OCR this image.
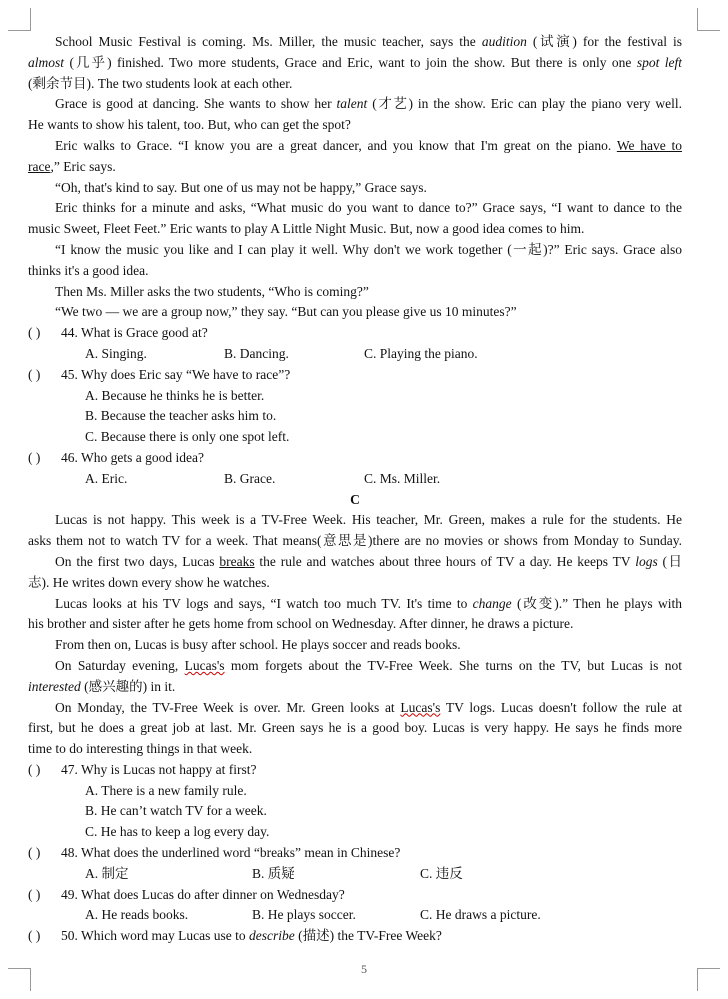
School Music Festival is coming. Ms. Miller, the music teacher, says the audition (试演) for the festival is
almost (几乎) finished. Two more students, Grace and Eric, want to join the show. But there is only one spot left
(剩余节目). The two students look at each other.
Grace is good at dancing. She wants to show her talent (才艺) in the show. Eric can play the piano very well.
He wants to show his talent, too. But, who can get the spot?
Eric walks to Grace. “I know you are a great dancer, and you know that I'm great on the piano. We have to
race,” Eric says.
“Oh, that's kind to say. But one of us may not be happy,” Grace says.
Eric thinks for a minute and asks, “What music do you want to dance to?” Grace says, “I want to dance to the
music Sweet, Fleet Feet.” Eric wants to play A Little Night Music. But, now a good idea comes to him.
“I know the music you like and I can play it well. Why don't we work together (一起)?” Eric says. Grace also
thinks it's a good idea.
Then Ms. Miller asks the two students, “Who is coming?”
“We two — we are a group now,” they say. “But can you please give us 10 minutes?”
( ) 44. What is Grace good at?
A. Singing.	B. Dancing.	C. Playing the piano.
( ) 45. Why does Eric say “We have to race”?
A. Because he thinks he is better.
B. Because the teacher asks him to.
C. Because there is only one spot left.
( ) 46. Who gets a good idea?
A. Eric.	B. Grace.	C. Ms. Miller.
C
Lucas is not happy. This week is a TV-Free Week. His teacher, Mr. Green, makes a rule for the students. He
asks them not to watch TV for a week. That means(意思是)there are no movies or shows from Monday to Sunday.
On the first two days, Lucas breaks the rule and watches about three hours of TV a day. He keeps TV logs (日
志). He writes down every show he watches.
Lucas looks at his TV logs and says, “I watch too much TV. It's time to change (改变).” Then he plays with
his brother and sister after he gets home from school on Wednesday. After dinner, he draws a picture.
From then on, Lucas is busy after school. He plays soccer and reads books.
On Saturday evening, Lucas's mom forgets about the TV-Free Week. She turns on the TV, but Lucas is not
interested (感兴趣的) in it.
On Monday, the TV-Free Week is over. Mr. Green looks at Lucas's TV logs. Lucas doesn't follow the rule at
first, but he does a great job at last. Mr. Green says he is a good boy. Lucas is very happy. He says he finds more
time to do interesting things in that week.
( ) 47. Why is Lucas not happy at first?
A. There is a new family rule.
B. He can’t watch TV for a week.
C. He has to keep a log every day.
( ) 48. What does the underlined word “breaks” mean in Chinese?
A. 制定	B. 质疑	C. 违反
( ) 49. What does Lucas do after dinner on Wednesday?
A. He reads books.	B. He plays soccer.	C. He draws a picture.
( ) 50. Which word may Lucas use to describe (描述) the TV-Free Week?
5
